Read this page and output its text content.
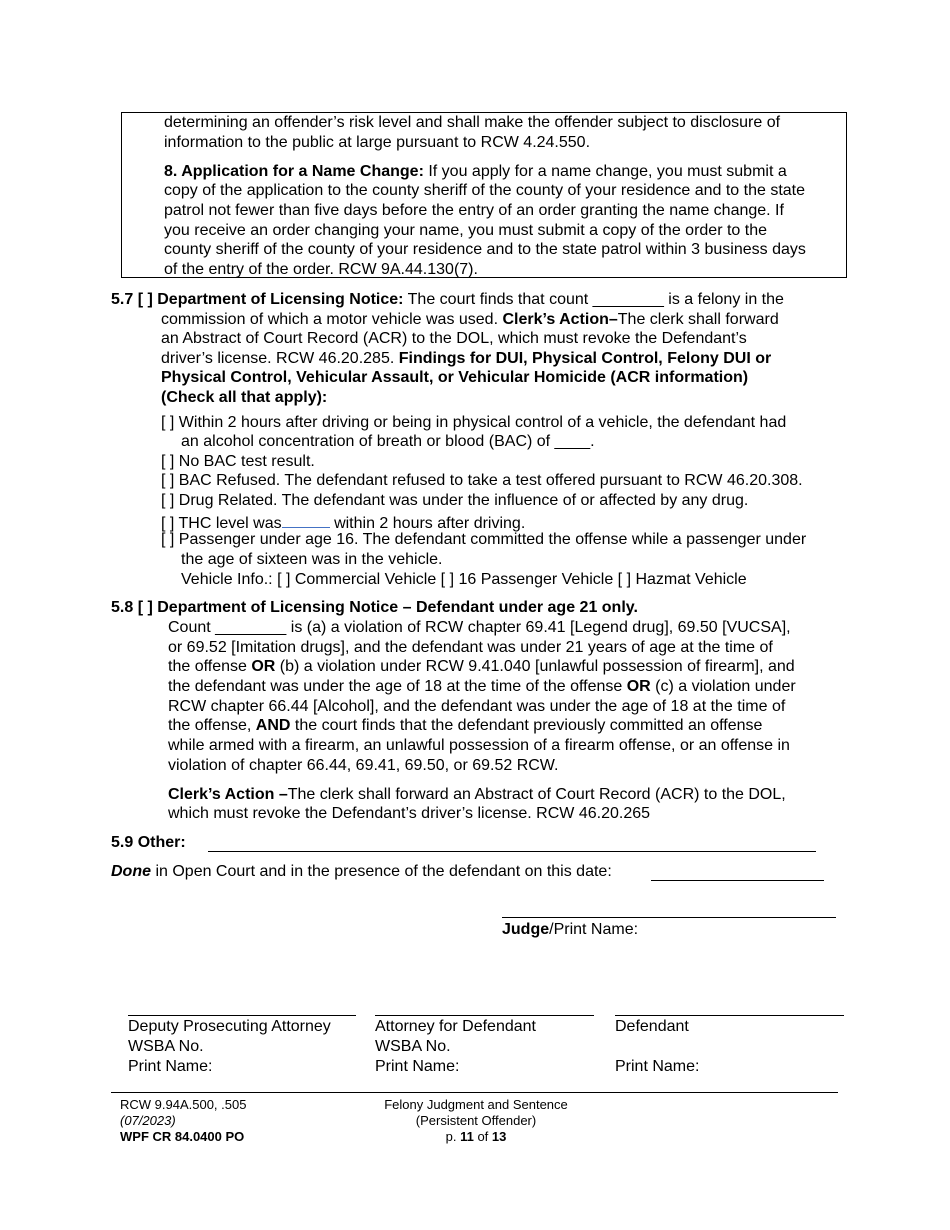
determining an offender’s risk level and shall make the offender subject to disclosure of
information to the public at large pursuant to RCW 4.24.550.
8. Application for a Name Change: If you apply for a name change, you must submit a
copy of the application to the county sheriff of the county of your residence and to the state
patrol not fewer than five days before the entry of an order granting the name change. If
you receive an order changing your name, you must submit a copy of the order to the
county sheriff of the county of your residence and to the state patrol within 3 business days
of the entry of the order. RCW 9A.44.130(7).
5.7 [ ] Department of Licensing Notice: The court finds that count ________ is a felony in the
commission of which a motor vehicle was used. Clerk’s Action–The clerk shall forward
an Abstract of Court Record (ACR) to the DOL, which must revoke the Defendant’s
driver’s license. RCW 46.20.285. Findings for DUI, Physical Control, Felony DUI or
Physical Control, Vehicular Assault, or Vehicular Homicide (ACR information)
(Check all that apply):
[ ] Within 2 hours after driving or being in physical control of a vehicle, the defendant had
an alcohol concentration of breath or blood (BAC) of ____.
[ ] No BAC test result.
[ ] BAC Refused. The defendant refused to take a test offered pursuant to RCW 46.20.308.
[ ] Drug Related. The defendant was under the influence of or affected by any drug.
[ ] THC level was	within 2 hours after driving.
[ ] Passenger under age 16. The defendant committed the offense while a passenger under
the age of sixteen was in the vehicle.
Vehicle Info.: [ ] Commercial Vehicle [ ] 16 Passenger Vehicle [ ] Hazmat Vehicle
5.8 [ ] Department of Licensing Notice – Defendant under age 21 only.
Count ________ is (a) a violation of RCW chapter 69.41 [Legend drug], 69.50 [VUCSA],
or 69.52 [Imitation drugs], and the defendant was under 21 years of age at the time of
the offense OR (b) a violation under RCW 9.41.040 [unlawful possession of firearm], and
the defendant was under the age of 18 at the time of the offense OR (c) a violation under
RCW chapter 66.44 [Alcohol], and the defendant was under the age of 18 at the time of
the offense, AND the court finds that the defendant previously committed an offense
while armed with a firearm, an unlawful possession of a firearm offense, or an offense in
violation of chapter 66.44, 69.41, 69.50, or 69.52 RCW.
Clerk’s Action –The clerk shall forward an Abstract of Court Record (ACR) to the DOL,
which must revoke the Defendant’s driver’s license. RCW 46.20.265
5.9 Other:
Done in Open Court and in the presence of the defendant on this date:
Judge/Print Name:
Deputy Prosecuting Attorney
WSBA No.
Print Name:
Attorney for Defendant
WSBA No.
Print Name:
Defendant
Print Name:
RCW 9.94A.500, .505
(07/2023)
WPF CR 84.0400 PO
Felony Judgment and Sentence
(Persistent Offender)
p. 11 of 13
